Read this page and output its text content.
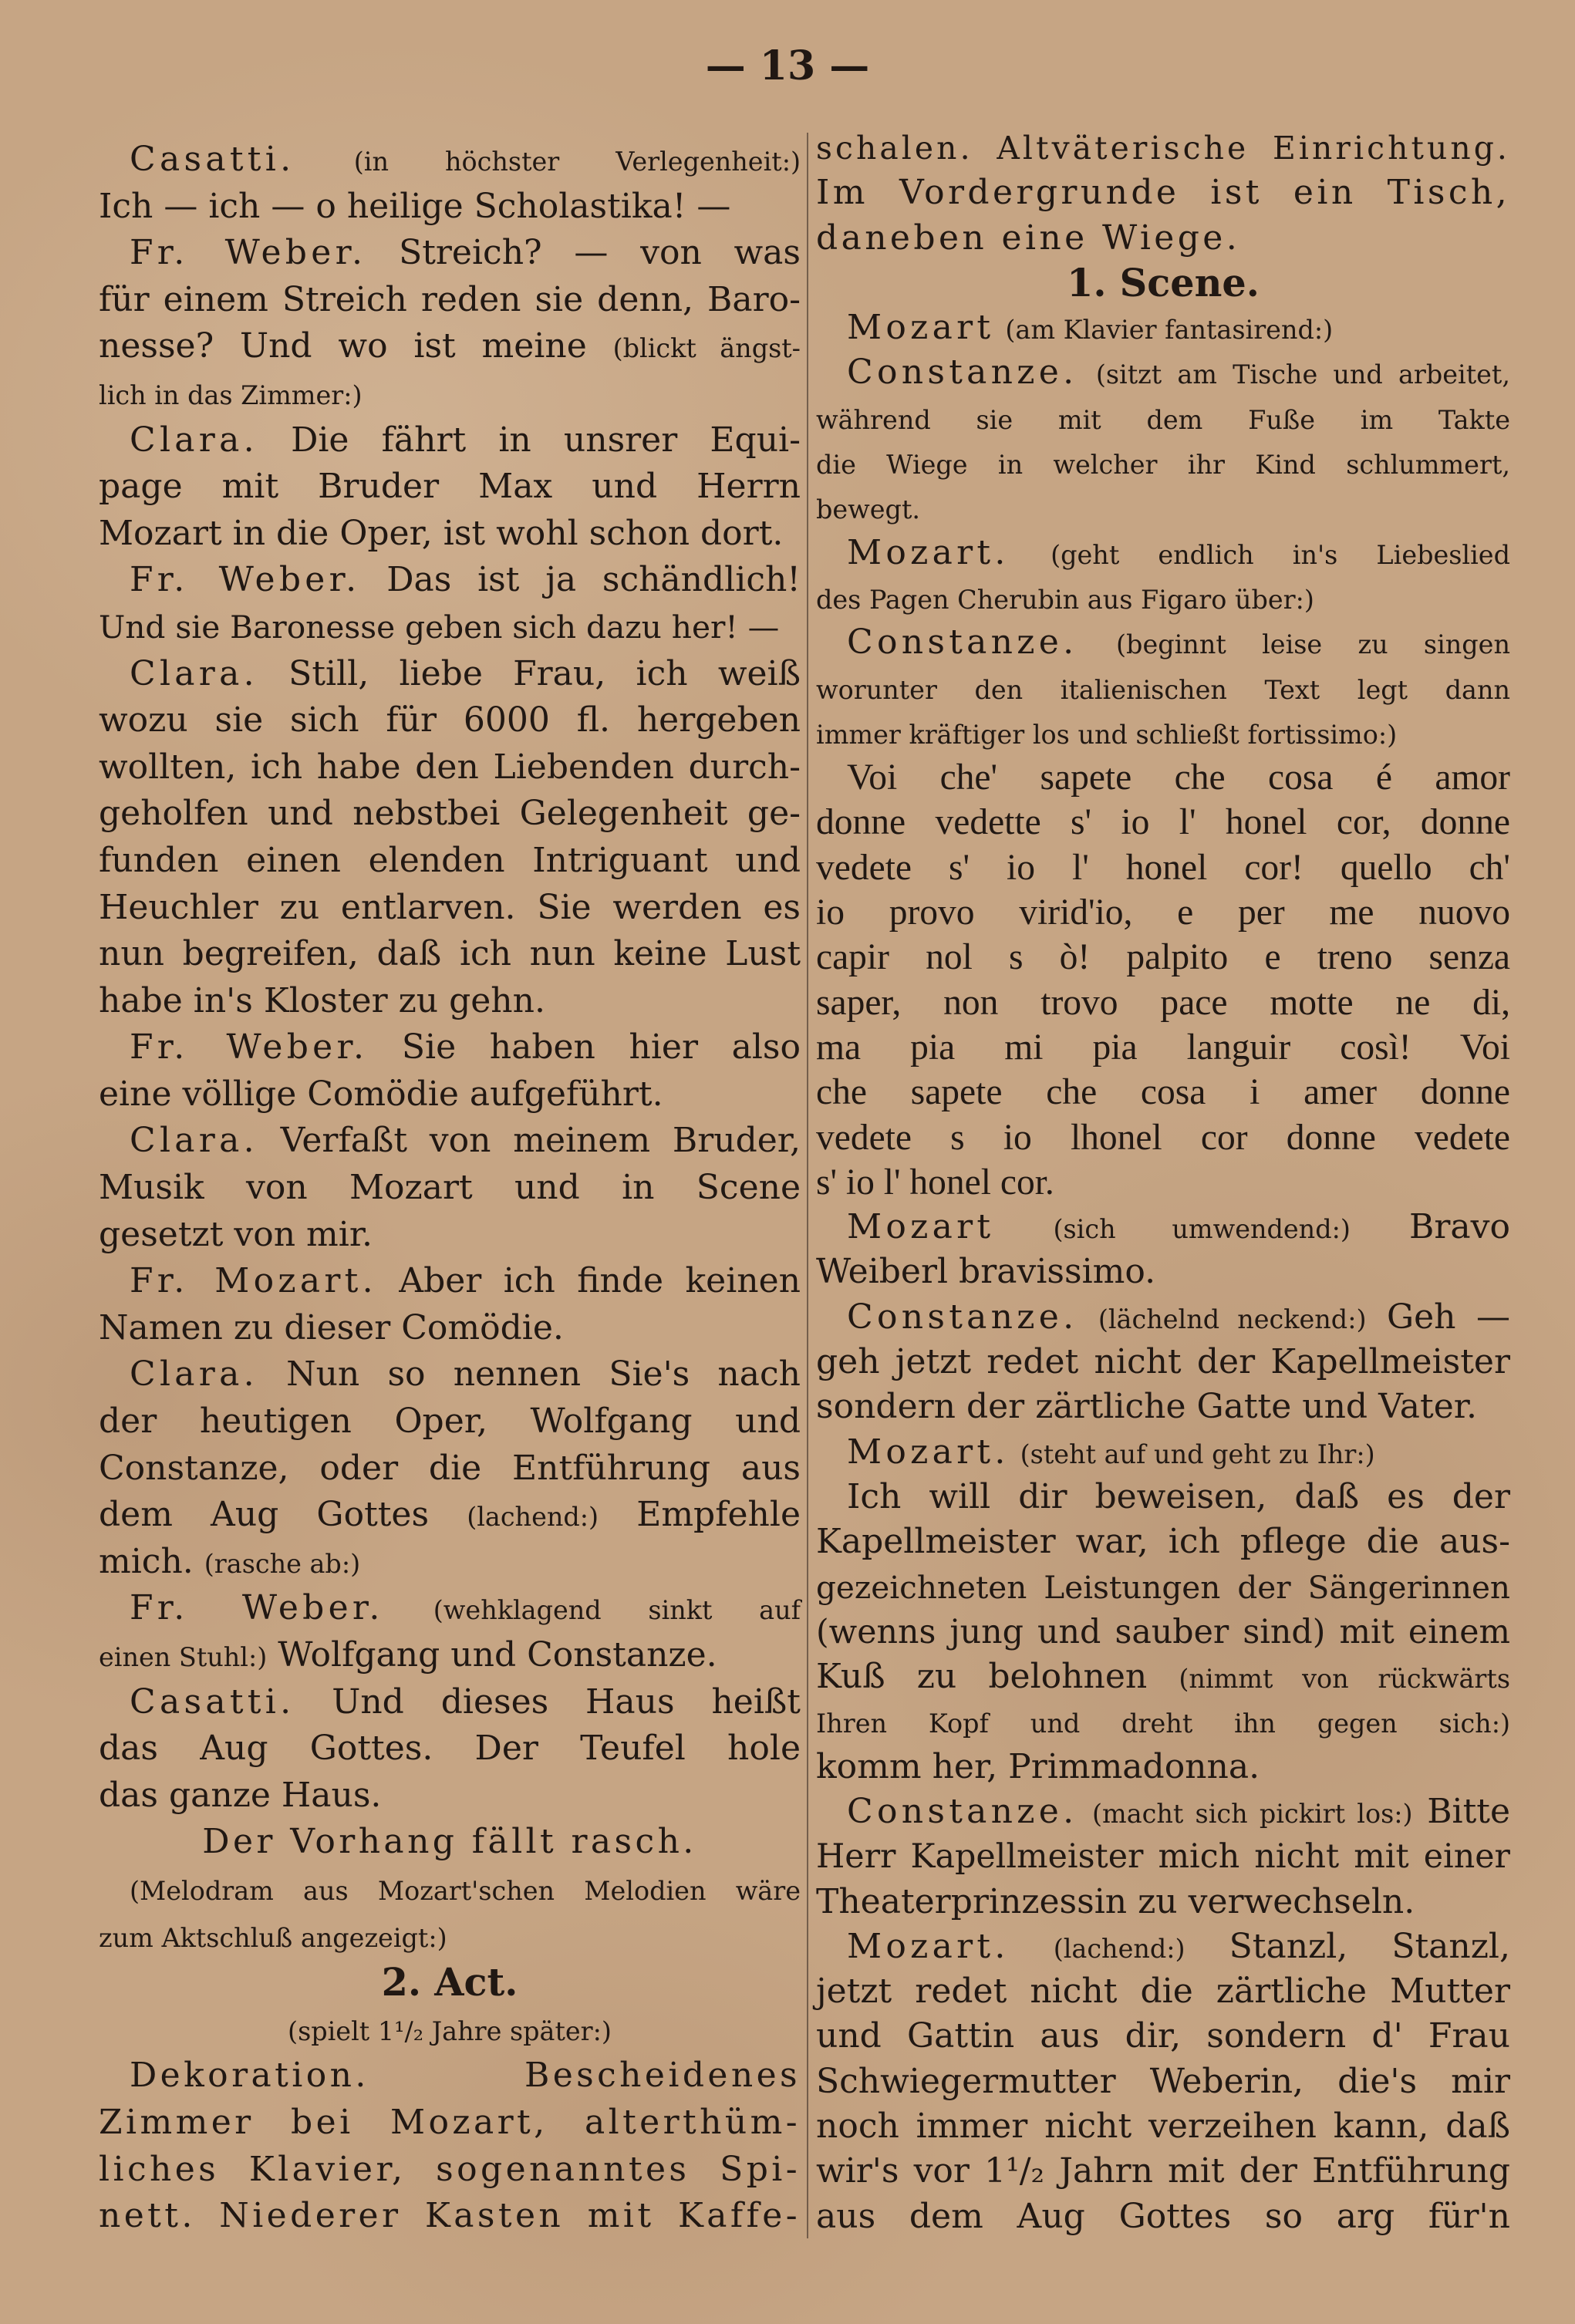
— 13 —
Casatti. (in höchster Verlegenheit:)
Ich — ich — o heilige Scholastika! —
Fr. Weber. Streich? — von was
für einem Streich reden sie denn, Baro-
nesse? Und wo ist meine (blickt ängst-
lich in das Zimmer:)
Clara. Die fährt in unsrer Equi-
page mit Bruder Max und Herrn
Mozart in die Oper, ist wohl schon dort.
Fr. Weber. Das ist ja schändlich!
Und sie Baronesse geben sich dazu her! —
Clara. Still, liebe Frau, ich weiß
wozu sie sich für 6000 fl. hergeben
wollten, ich habe den Liebenden durch-
geholfen und nebstbei Gelegenheit ge-
funden einen elenden Intriguant und
Heuchler zu entlarven. Sie werden es
nun begreifen, daß ich nun keine Lust
habe in's Kloster zu gehn.
Fr. Weber. Sie haben hier also
eine völlige Comödie aufgeführt.
Clara. Verfaßt von meinem Bruder,
Musik von Mozart und in Scene
gesetzt von mir.
Fr. Mozart. Aber ich finde keinen
Namen zu dieser Comödie.
Clara. Nun so nennen Sie's nach
der heutigen Oper, Wolfgang und
Constanze, oder die Entführung aus
dem Aug Gottes (lachend:) Empfehle
mich. (rasche ab:)
Fr. Weber. (wehklagend sinkt auf
einen Stuhl:) Wolfgang und Constanze.
Casatti. Und dieses Haus heißt
das Aug Gottes. Der Teufel hole
das ganze Haus.
Der Vorhang fällt rasch.
(Melodram aus Mozart'schen Melodien wäre
zum Aktschluß angezeigt:)
2. Act.
(spielt 1¹/₂ Jahre später:)
Dekoration. Bescheidenes
Zimmer bei Mozart, alterthüm-
liches Klavier, sogenanntes Spi-
nett. Niederer Kasten mit Kaffe-
schalen. Altväterische Einrichtung.
Im Vordergrunde ist ein Tisch,
daneben eine Wiege.
1. Scene.
Mozart (am Klavier fantasirend:)
Constanze. (sitzt am Tische und arbeitet,
während sie mit dem Fuße im Takte
die Wiege in welcher ihr Kind schlummert,
bewegt.
Mozart. (geht endlich in's Liebeslied
des Pagen Cherubin aus Figaro über:)
Constanze. (beginnt leise zu singen
worunter den italienischen Text legt dann
immer kräftiger los und schließt fortissimo:)
Voi che' sapete che cosa é amor
donne vedette s' io l' honel cor, donne
vedete s' io l' honel cor! quello ch'
io provo virid'io, e per me nuovo
capir nol s ò! palpito e treno senza
saper, non trovo pace motte ne di,
ma pia mi pia languir così! Voi
che sapete che cosa i amer donne
vedete s io lhonel cor donne vedete
s' io l' honel cor.
Mozart (sich umwendend:) Bravo
Weiberl bravissimo.
Constanze. (lächelnd neckend:) Geh —
geh jetzt redet nicht der Kapellmeister
sondern der zärtliche Gatte und Vater.
Mozart. (steht auf und geht zu Ihr:)
Ich will dir beweisen, daß es der
Kapellmeister war, ich pflege die aus-
gezeichneten Leistungen der Sängerinnen
(wenns jung und sauber sind) mit einem
Kuß zu belohnen (nimmt von rückwärts
Ihren Kopf und dreht ihn gegen sich:)
komm her, Primmadonna.
Constanze. (macht sich pickirt los:) Bitte
Herr Kapellmeister mich nicht mit einer
Theaterprinzessin zu verwechseln.
Mozart. (lachend:) Stanzl, Stanzl,
jetzt redet nicht die zärtliche Mutter
und Gattin aus dir, sondern d' Frau
Schwiegermutter Weberin, die's mir
noch immer nicht verzeihen kann, daß
wir's vor 1¹/₂ Jahrn mit der Entführung
aus dem Aug Gottes so arg für'n
